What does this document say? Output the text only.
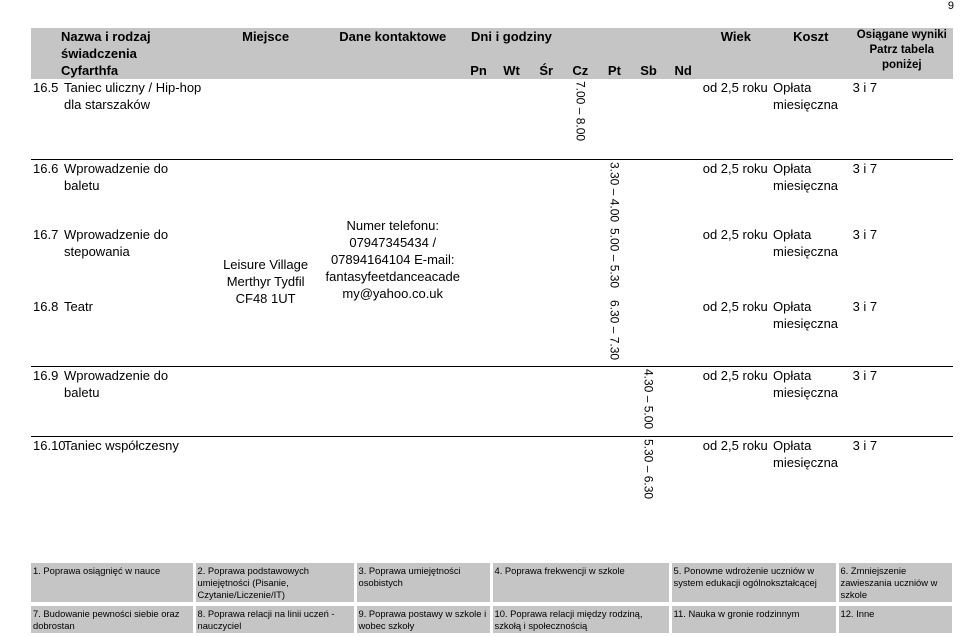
9
Nazwa i rodzaj świadczenia		Miejsce	Dane kontaktowe	Dni i godziny							Wiek	Koszt	Osiągane wyniki Patrz tabela poniżej
Cyfarthfa				Pn	Wt	Śr	Cz	Pt	Sb	Nd			
16.5	Taniec uliczny / Hip-hop dla starszaków						7.00 – 8.00				od 2,5 roku	Opłata miesięczna	3 i 7

16.6	Wprowadzenie do baletu	Leisure Village Merthyr Tydfil CF48 1UT	Numer telefonu: 07947345434 / 07894164104 E-mail: fantasyfeetdanceacade my@yahoo.co.uk					3.30 – 4.00			od 2,5 roku	Opłata miesięczna	3 i 7
16.7	Wprowadzenie do stepowania							5.00 – 5.30			od 2,5 roku	Opłata miesięczna	3 i 7
16.8	Teatr							6.30 – 7.30			od 2,5 roku	Opłata miesięczna	3 i 7
16.9	Wprowadzenie do baletu								4.30 – 5.00		od 2,5 roku	Opłata miesięczna	3 i 7
16.10	Taniec współczesny								5.30 – 6.30		od 2,5 roku	Opłata miesięczna	3 i 7
1. Poprawa osiągnięć w nauce	2. Poprawa podstawowych umiejętności (Pisanie, Czytanie/Liczenie/IT)	3. Poprawa umiejętności osobistych	4. Poprawa frekwencji w szkole	5. Ponowne wdrożenie uczniów w system edukacji ogólnokształcącej	6. Zmniejszenie zawieszania uczniów w szkole
7. Budowanie pewności siebie oraz dobrostan	8. Poprawa relacji na linii uczeń - nauczyciel	9. Poprawa postawy w szkole i wobec szkoły	10. Poprawa relacji między rodziną, szkołą i społecznością	11. Nauka w gronie rodzinnym	12. Inne
